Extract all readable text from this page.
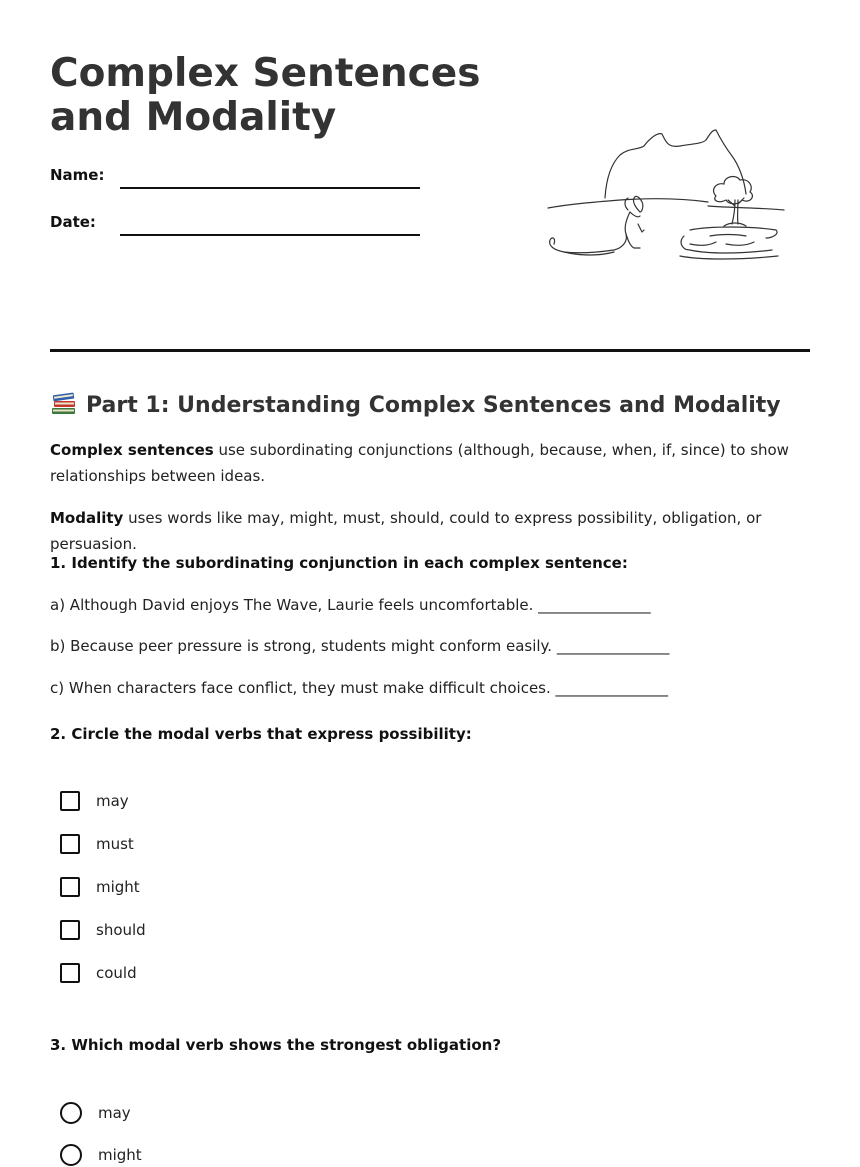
Complex Sentences and Modality
Name:
Date:
Part 1: Understanding Complex Sentences and Modality

Complex sentences use subordinating conjunctions (although, because, when, if, since) to show relationships between ideas.

Modality uses words like may, might, must, should, could to express possibility, obligation, or persuasion.

1. Identify the subordinating conjunction in each complex sentence:

a) Although David enjoys The Wave, Laurie feels uncomfortable. _______________

b) Because peer pressure is strong, students might conform easily. _______________

c) When characters face conflict, they must make difficult choices. _______________

2. Circle the modal verbs that express possibility:

may
must
might
should
could

3. Which modal verb shows the strongest obligation?

may
might
